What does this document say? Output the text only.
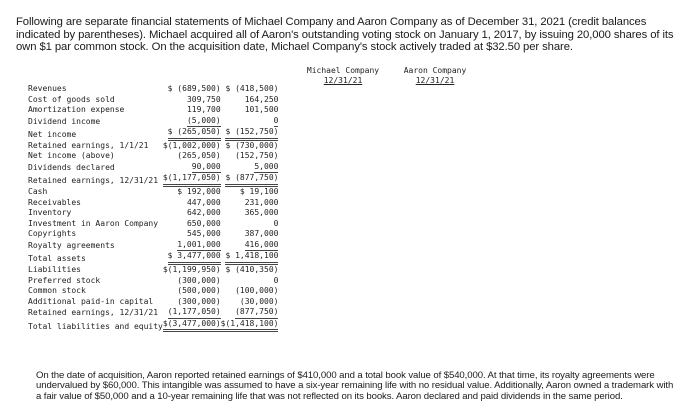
Following are separate financial statements of Michael Company and Aaron Company as of December 31, 2021 (credit balances indicated by parentheses). Michael acquired all of Aaron's outstanding voting stock on January 1, 2017, by issuing 20,000 shares of its own $1 par common stock. On the acquisition date, Michael Company's stock actively traded at $32.50 per share.

Michael Company
12/31/21
Aaron Company
12/31/21
Revenues	$ (689,500)	$ (418,500)
Cost of goods sold	309,750	164,250
Amortization expense	119,700	101,500
Dividend income	(5,000)	0
Net income	$ (265,050)	$ (152,750)
Retained earnings, 1/1/21	$(1,002,000)	$ (730,000)
Net income (above)	(265,050)	(152,750)
Dividends declared	90,000	5,000
Retained earnings, 12/31/21	$(1,177,050)	$ (877,750)
Cash	$ 192,000	$ 19,100
Receivables	447,000	231,000
Inventory	642,000	365,000
Investment in Aaron Company	650,000	0
Copyrights	545,000	387,000
Royalty agreements	1,001,000	416,000
Total assets	$ 3,477,000	$ 1,418,100
Liabilities	$(1,199,950)	$ (410,350)
Preferred stock	(300,000)	0
Common stock	(500,000)	(100,000)
Additional paid-in capital	(300,000)	(30,000)
Retained earnings, 12/31/21	(1,177,050)	(877,750)
Total liabilities and equity	$(3,477,000)	$(1,418,100)

On the date of acquisition, Aaron reported retained earnings of $410,000 and a total book value of $540,000. At that time, its royalty agreements were undervalued by $60,000. This intangible was assumed to have a six-year remaining life with no residual value. Additionally, Aaron owned a trademark with a fair value of $50,000 and a 10-year remaining life that was not reflected on its books. Aaron declared and paid dividends in the same period.
